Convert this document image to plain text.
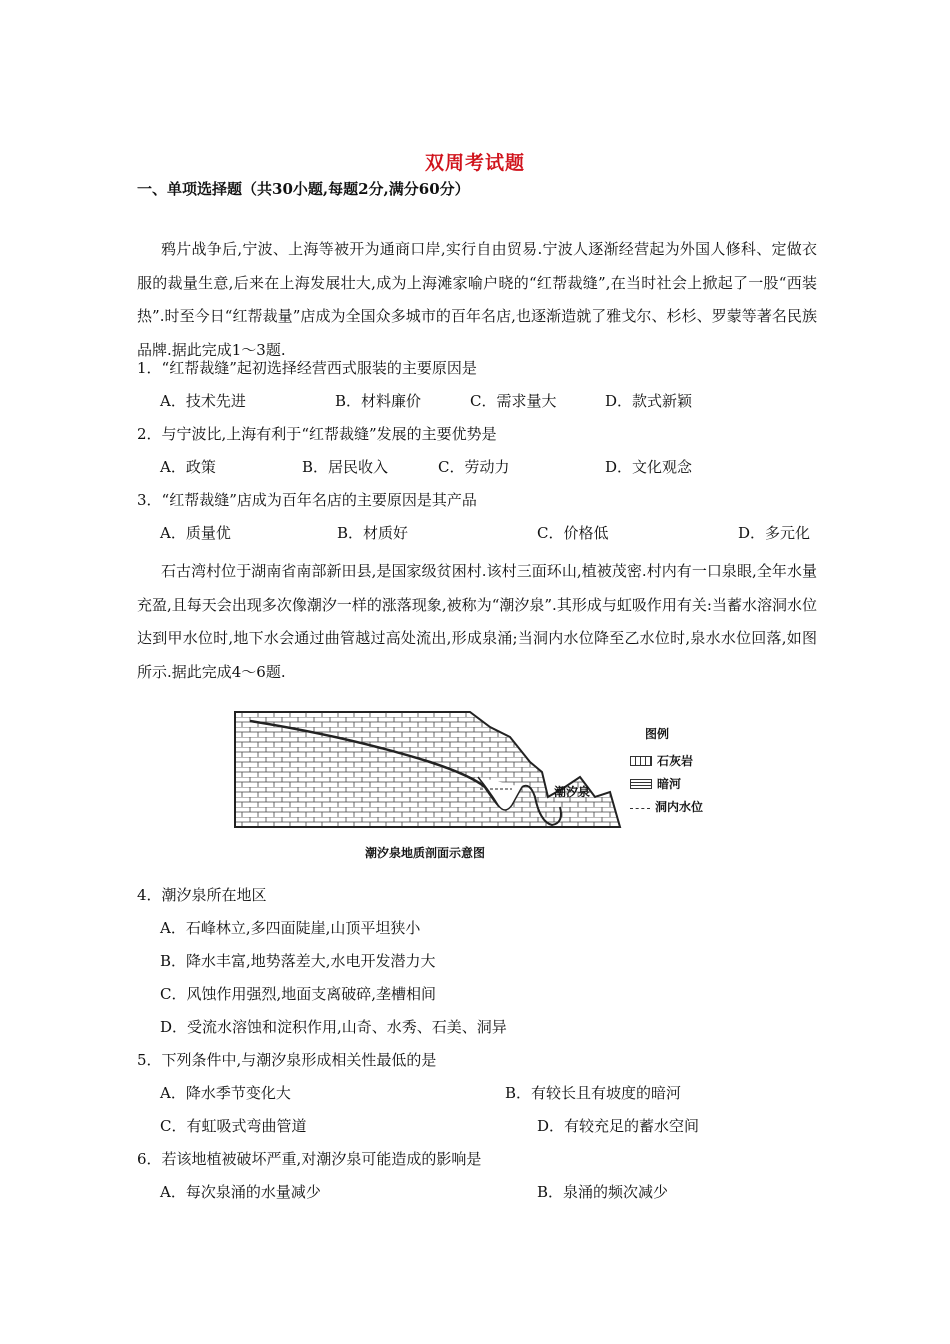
双周考试题
一、单项选择题（共30小题,每题2分,满分60分）
鸦片战争后,宁波、上海等被开为通商口岸,实行自由贸易.宁波人逐渐经营起为外国人修科、定做衣服的裁量生意,后来在上海发展壮大,成为上海滩家喻户晓的“红帮裁缝”,在当时社会上掀起了一股“西装热”.时至今日“红帮裁量”店成为全国众多城市的百年名店,也逐渐造就了雅戈尔、杉杉、罗蒙等著名民族品牌.据此完成1～3题.
1．“红帮裁缝”起初选择经营西式服装的主要原因是
A．技术先进	B．材料廉价	C．需求量大	D．款式新颖
2．与宁波比,上海有利于“红帮裁缝”发展的主要优势是
A．政策	B．居民收入	C．劳动力	D．文化观念
3．“红帮裁缝”店成为百年名店的主要原因是其产品
A．质量优	B．材质好	C．价格低	D．多元化
石古湾村位于湖南省南部新田县,是国家级贫困村.该村三面环山,植被茂密.村内有一口泉眼,全年水量充盈,且每天会出现多次像潮汐一样的涨落现象,被称为“潮汐泉”.其形成与虹吸作用有关:当蓄水溶洞水位达到甲水位时,地下水会通过曲管越过高处流出,形成泉涌;当洞内水位降至乙水位时,泉水水位回落,如图所示.据此完成4～6题.
潮汐泉
图例
石灰岩
暗河
洞内水位
潮汐泉地质剖面示意图
4．潮汐泉所在地区
A．石峰林立,多四面陡崖,山顶平坦狭小
B．降水丰富,地势落差大,水电开发潜力大
C．风蚀作用强烈,地面支离破碎,垄槽相间
D．受流水溶蚀和淀积作用,山奇、水秀、石美、洞异
5．下列条件中,与潮汐泉形成相关性最低的是
A．降水季节变化大	B．有较长且有坡度的暗河
C．有虹吸式弯曲管道	D．有较充足的蓄水空间
6．若该地植被破坏严重,对潮汐泉可能造成的影响是
A．每次泉涌的水量减少	B．泉涌的频次减少
